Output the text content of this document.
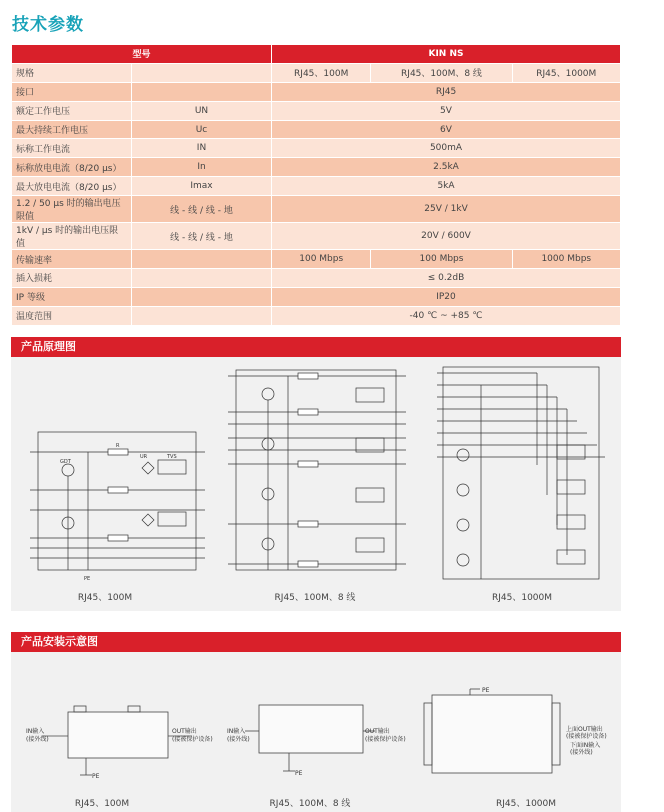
技术参数
型号		KIN NS		
规格		RJ45、100M	RJ45、100M、8 线	RJ45、1000M
接口		RJ45		
额定工作电压	UN	5V		
最大持续工作电压	Uc	6V		
标称工作电流	IN	500mA		
标称放电电流（8/20 μs）	In	2.5kA		
最大放电电流（8/20 μs）	Imax	5kA		
1.2 / 50 μs 时的输出电压限值	线 - 线 / 线 - 地	25V / 1kV		
1kV / μs 时的输出电压限值	线 - 线 / 线 - 地	20V / 600V		
传输速率		100 Mbps	100 Mbps	1000 Mbps
插入损耗		≤ 0.2dB		
IP 等级		IP20		
温度范围		-40 ℃ ~ +85 ℃		
产品原理图
R
GDT
UR	TVS
PE
RJ45、100M	RJ45、100M、8 线	RJ45、1000M
产品安装示意图
IN输入
(接外线)
OUT输出
(接被保护设备)
PE
IN输入
(接外线)
OUT输出
(接被保护设备)
PE
PE
上面OUT输出
(接被保护设备)
下面IN输入
(接外线)
RJ45、100M	RJ45、100M、8 线	RJ45、1000M
